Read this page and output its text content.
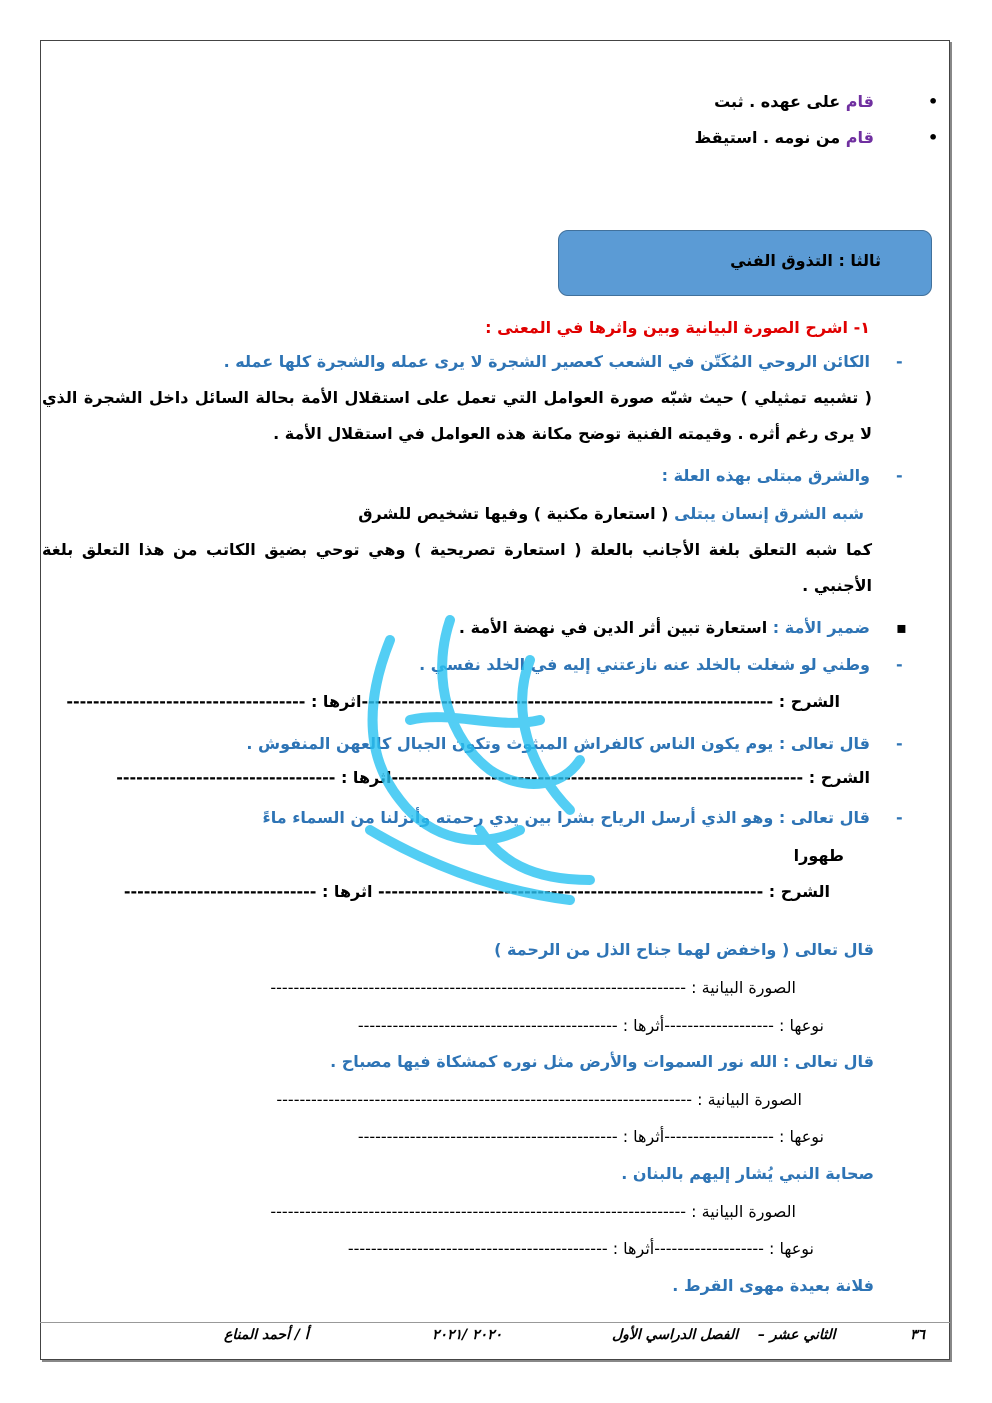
•
قام على عهده . ثبت
•
قام من نومه . استيقظ
ثالثا : التذوق الفني
١- اشرح الصورة البيانية وبين واثرها في المعنى :
-
الكائن الروحي المُكَتّن في الشعب كعصير الشجرة لا يرى عمله والشجرة كلها عمله .
( تشبيه تمثيلي ) حيث شبّه صورة العوامل التي تعمل على استقلال الأمة بحالة السائل داخل الشجرة الذي لا يرى رغم أثره . وقيمته الفنية توضح مكانة هذه العوامل في استقلال الأمة .
-
والشرق مبتلى بهذه العلة :
شبه الشرق إنسان يبتلى ( استعارة مكنية ) وفيها تشخيص للشرق
كما شبه التعلق بلغة الأجانب بالعلة ( استعارة تصريحية ) وهي توحي بضيق الكاتب من هذا التعلق بلغة الأجنبي .
▪
ضمير الأمة : استعارة تبين أثر الدين في نهضة الأمة .
-
وطني لو شغلت بالخلد عنه نازعتني إليه في الخلد نفسي .
الشرح : --------------------------------------------------------------اثرها : ------------------------------------
-
قال تعالى : يوم يكون الناس كالفراش المبثوث وتكون الجبال كالعهن المنفوش .
الشرح : --------------------------------------------------------------اثرها : ---------------------------------
-
قال تعالى : وهو الذي أرسل الرياح بشرا بين يدي رحمته وأنزلنا من السماء ماءً
طهورا
الشرح : ---------------------------------------------------------- اثرها : -----------------------------
قال تعالى ( واخفض لهما جناح الذل من الرحمة )
الصورة البيانية : ------------------------------------------------------------------------
نوعها : -------------------أثرها : ---------------------------------------------
قال تعالى : الله نور السموات والأرض مثل نوره كمشكاة فيها مصباح .
الصورة البيانية : ------------------------------------------------------------------------
نوعها : -------------------أثرها : ---------------------------------------------
صحابة النبي يُشار إليهم بالبنان .
الصورة البيانية : ------------------------------------------------------------------------
نوعها : -------------------أثرها : ---------------------------------------------
فلانة بعيدة مهوى القرط .
٣٦
الثاني عشر –
الفصل الدراسي الأول
٢٠٢٠ /٢٠٢١
أ / أحمد المناع
